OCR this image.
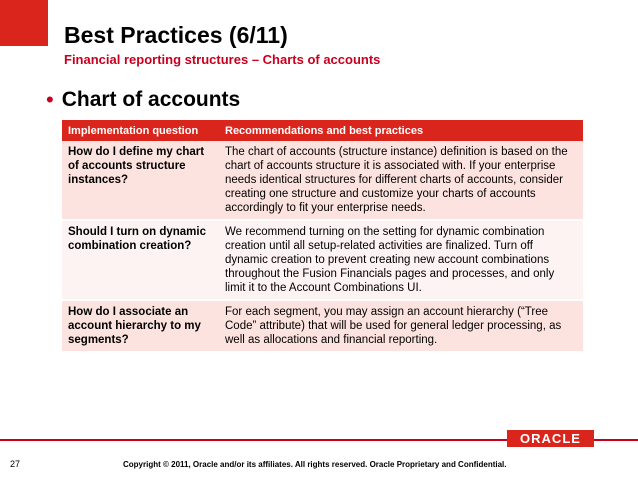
Best Practices (6/11)
Financial reporting structures – Charts of accounts
• Chart of accounts
Implementation question	Recommendations and best practices
How do I define my chart of accounts structure instances?	The chart of accounts (structure instance) definition is based on the chart of accounts structure it is associated with. If your enterprise needs identical structures for different charts of accounts, consider creating one structure and customize your charts of accounts accordingly to fit your enterprise needs.
Should I turn on dynamic combination creation?	We recommend turning on the setting for dynamic combination creation until all setup-related activities are finalized. Turn off dynamic creation to prevent creating new account combinations throughout the Fusion Financials pages and processes, and only limit it to the Account Combinations UI.
How do I associate an account hierarchy to my segments?	For each segment, you may assign an account hierarchy (“Tree Code” attribute) that will be used for general ledger processing, as well as allocations and financial reporting.
ORACLE
27	Copyright © 2011, Oracle and/or its affiliates. All rights reserved. Oracle Proprietary and Confidential.
